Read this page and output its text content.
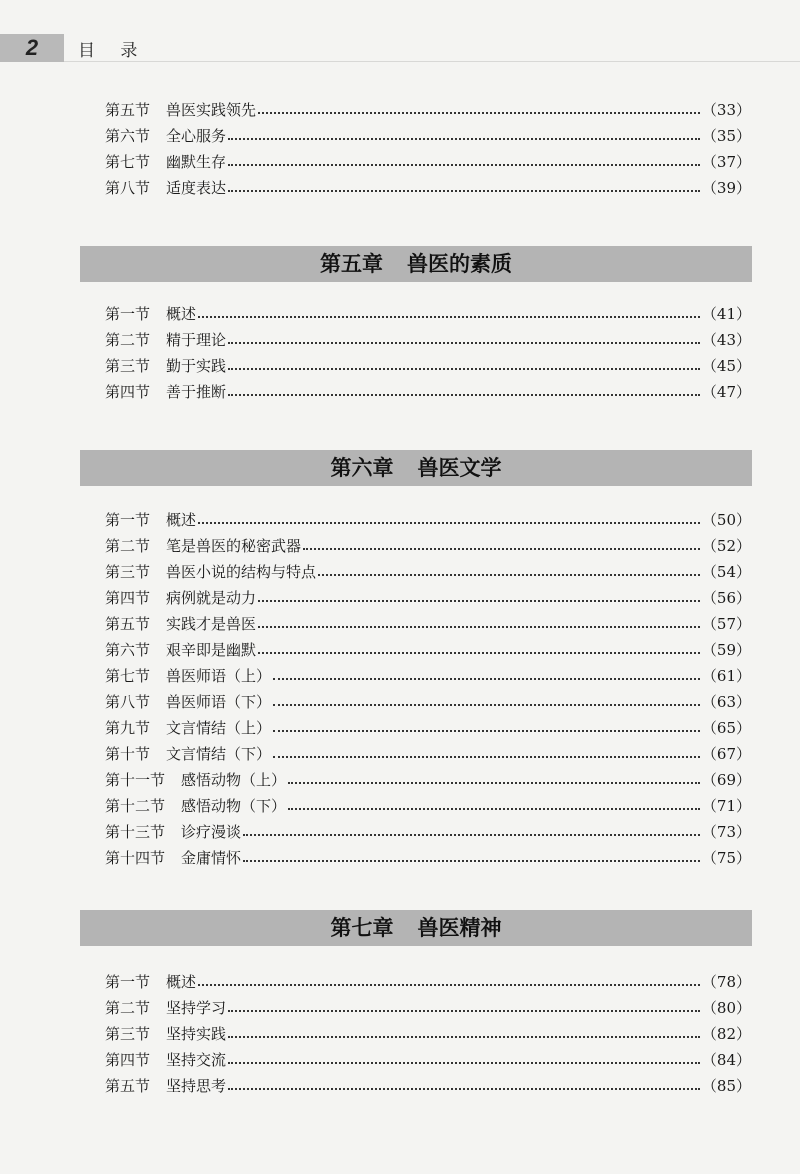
2	目 录
第五节 兽医实践领先	（33）
第六节 全心服务	（35）
第七节 幽默生存	（37）
第八节 适度表达	（39）
第五章 兽医的素质
第一节 概述	（41）
第二节 精于理论	（43）
第三节 勤于实践	（45）
第四节 善于推断	（47）
第六章 兽医文学
第一节 概述	（50）
第二节 笔是兽医的秘密武器	（52）
第三节 兽医小说的结构与特点	（54）
第四节 病例就是动力	（56）
第五节 实践才是兽医	（57）
第六节 艰辛即是幽默	（59）
第七节 兽医师语（上）	（61）
第八节 兽医师语（下）	（63）
第九节 文言情结（上）	（65）
第十节 文言情结（下）	（67）
第十一节 感悟动物（上）	（69）
第十二节 感悟动物（下）	（71）
第十三节 诊疗漫谈	（73）
第十四节 金庸情怀	（75）
第七章 兽医精神
第一节 概述	（78）
第二节 坚持学习	（80）
第三节 坚持实践	（82）
第四节 坚持交流	（84）
第五节 坚持思考	（85）
